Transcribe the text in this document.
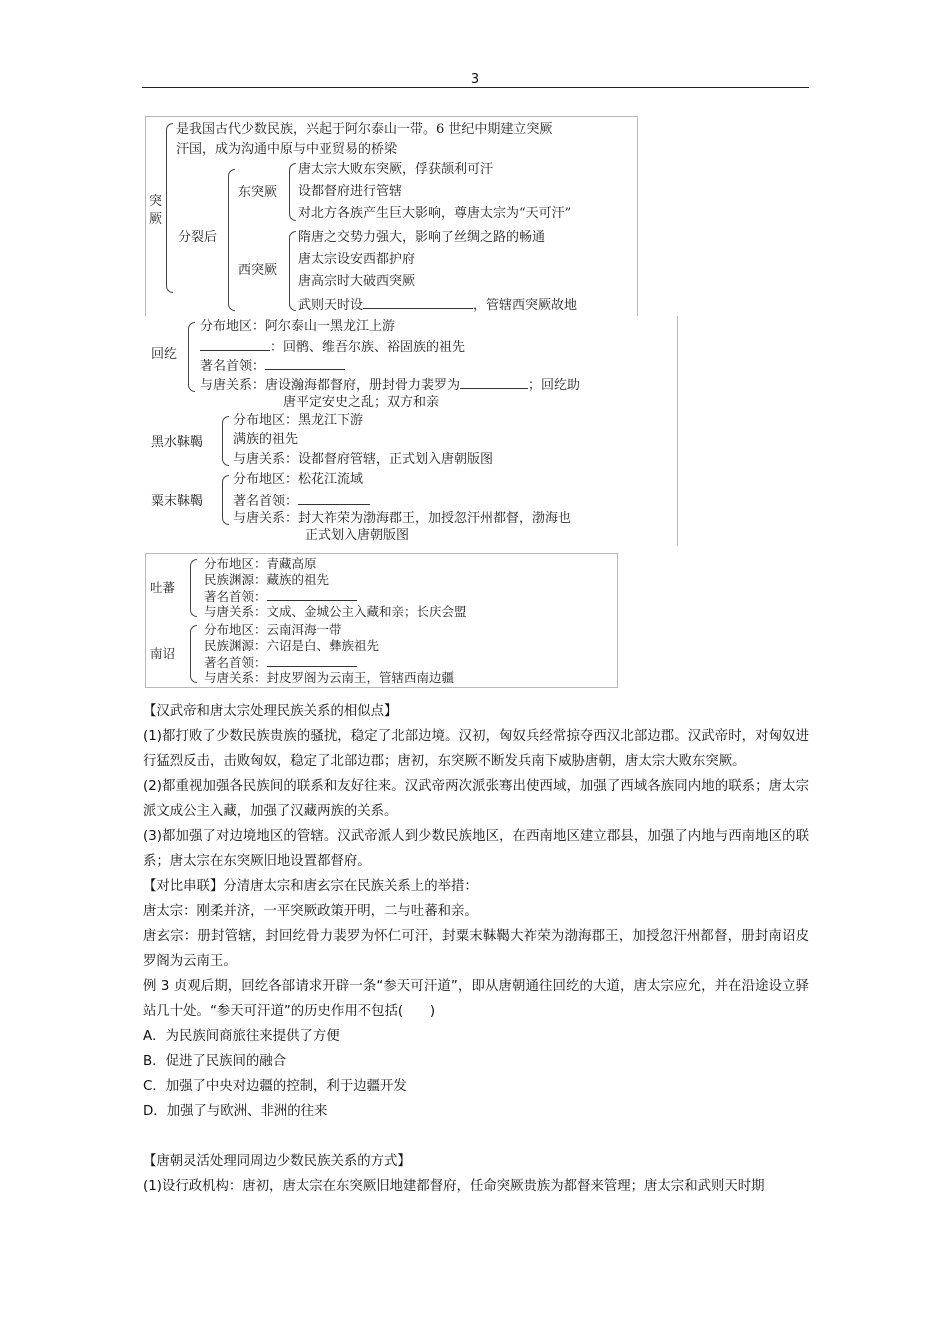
3
突厥
是我国古代少数民族，兴起于阿尔泰山一带。6 世纪中期建立突厥
汗国，成为沟通中原与中亚贸易的桥梁
分裂后
东突厥
唐太宗大败东突厥，俘获颉利可汗
设都督府进行管辖
对北方各族产生巨大影响，尊唐太宗为“天可汗”
西突厥
隋唐之交势力强大，影响了丝绸之路的畅通
唐太宗设安西都护府
唐高宗时大破西突厥
武则天时设	，管辖西突厥故地
回纥
分布地区：阿尔泰山一黑龙江上游
：回鹘、维吾尔族、裕固族的祖先
著名首领：
与唐关系：唐设瀚海都督府，册封骨力裴罗为	；回纥助
唐平定安史之乱；双方和亲
黑水靺鞨
分布地区：黑龙江下游
满族的祖先
与唐关系：设都督府管辖，正式划入唐朝版图
粟末靺鞨
分布地区：松花江流域
著名首领：
与唐关系：封大祚荣为渤海郡王，加授忽汗州都督，渤海也
正式划入唐朝版图
吐蕃
分布地区：青藏高原
民族渊源：藏族的祖先
著名首领：
与唐关系：文成、金城公主入藏和亲；长庆会盟
南诏
分布地区：云南洱海一带
民族渊源：六诏是白、彝族祖先
著名首领：
与唐关系：封皮罗阁为云南王，管辖西南边疆

【汉武帝和唐太宗处理民族关系的相似点】

(1)都打败了少数民族贵族的骚扰，稳定了北部边境。汉初，匈奴兵经常掠夺西汉北部边郡。汉武帝时，对匈奴进行猛烈反击，击败匈奴，稳定了北部边郡；唐初，东突厥不断发兵南下威胁唐朝，唐太宗大败东突厥。

(2)都重视加强各民族间的联系和友好往来。汉武帝两次派张骞出使西域，加强了西域各族同内地的联系；唐太宗派文成公主入藏，加强了汉藏两族的关系。

(3)都加强了对边境地区的管辖。汉武帝派人到少数民族地区，在西南地区建立郡县，加强了内地与西南地区的联系；唐太宗在东突厥旧地设置都督府。

【对比串联】分清唐太宗和唐玄宗在民族关系上的举措：

唐太宗：刚柔并济，一平突厥政策开明，二与吐蕃和亲。

唐玄宗：册封管辖，封回纥骨力裴罗为怀仁可汗，封粟末靺鞨大祚荣为渤海郡王，加授忽汗州都督，册封南诏皮罗阁为云南王。

例 3 贞观后期，回纥各部请求开辟一条“参天可汗道”，即从唐朝通往回纥的大道，唐太宗应允，并在沿途设立驿站几十处。“参天可汗道”的历史作用不包括(　　)

A．为民族间商旅往来提供了方便

B．促进了民族间的融合

C．加强了中央对边疆的控制，利于边疆开发

D．加强了与欧洲、非洲的往来

【唐朝灵活处理同周边少数民族关系的方式】

(1)设行政机构：唐初，唐太宗在东突厥旧地建都督府，任命突厥贵族为都督来管理；唐太宗和武则天时期
